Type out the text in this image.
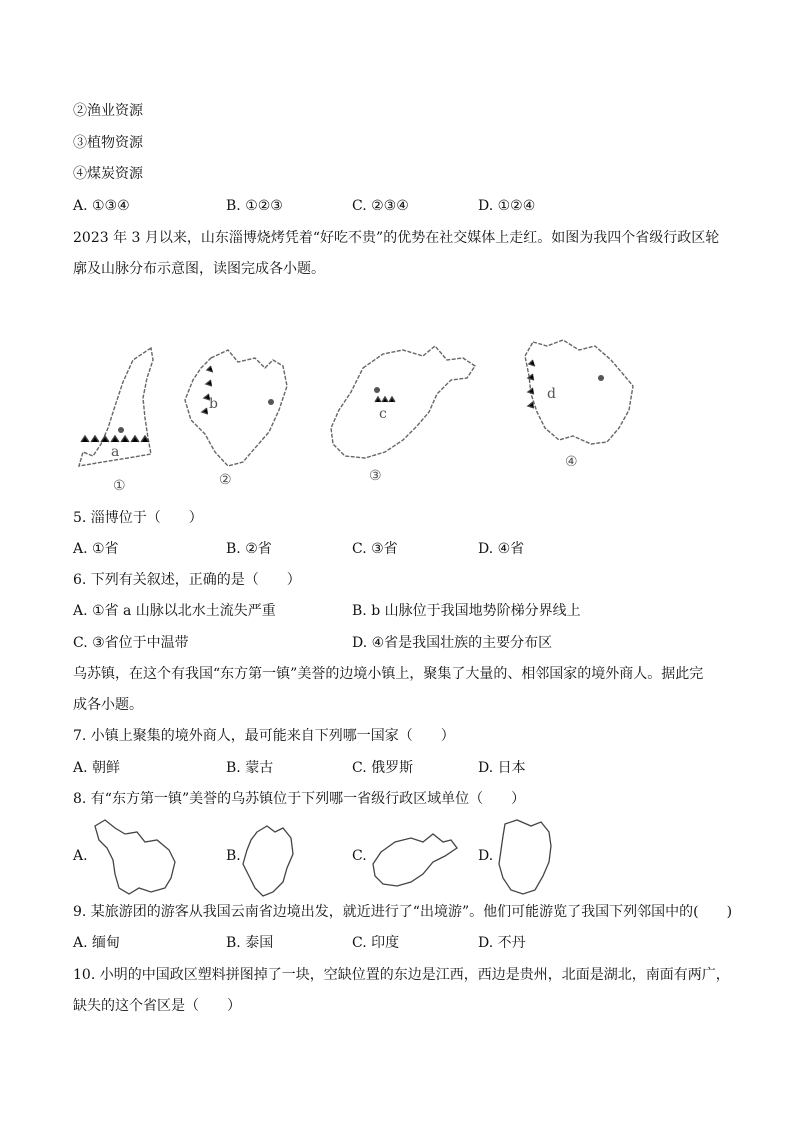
②渔业资源
③植物资源
④煤炭资源
A. ①③④	B. ①②③	C. ②③④	D. ①②④
2023 年 3 月以来，山东淄博烧烤凭着“好吃不贵”的优势在社交媒体上走红。如图为我四个省级行政区轮
廓及山脉分布示意图，读图完成各小题。
a
b
c
d
①	②	③
④
5. 淄博位于（　　）
A. ①省	B. ②省	C. ③省	D. ④省
6. 下列有关叙述，正确的是（　　）
A. ①省 a 山脉以北水土流失严重	B. b 山脉位于我国地势阶梯分界线上
C. ③省位于中温带	D. ④省是我国壮族的主要分布区
乌苏镇，在这个有我国“东方第一镇”美誉的边境小镇上，聚集了大量的、相邻国家的境外商人。据此完
成各小题。
7. 小镇上聚集的境外商人，最可能来自下列哪一国家（　　）
A. 朝鲜	B. 蒙古	C. 俄罗斯	D. 日本
8. 有“东方第一镇”美誉的乌苏镇位于下列哪一省级行政区域单位（　　）
A.	B.	C.	D.
9. 某旅游团的游客从我国云南省边境出发，就近进行了“出境游”。他们可能游览了我国下列邻国中的(　　)
A. 缅甸	B. 泰国	C. 印度	D. 不丹
10. 小明的中国政区塑料拼图掉了一块，空缺位置的东边是江西，西边是贵州，北面是湖北，南面有两广，
缺失的这个省区是（　　）
